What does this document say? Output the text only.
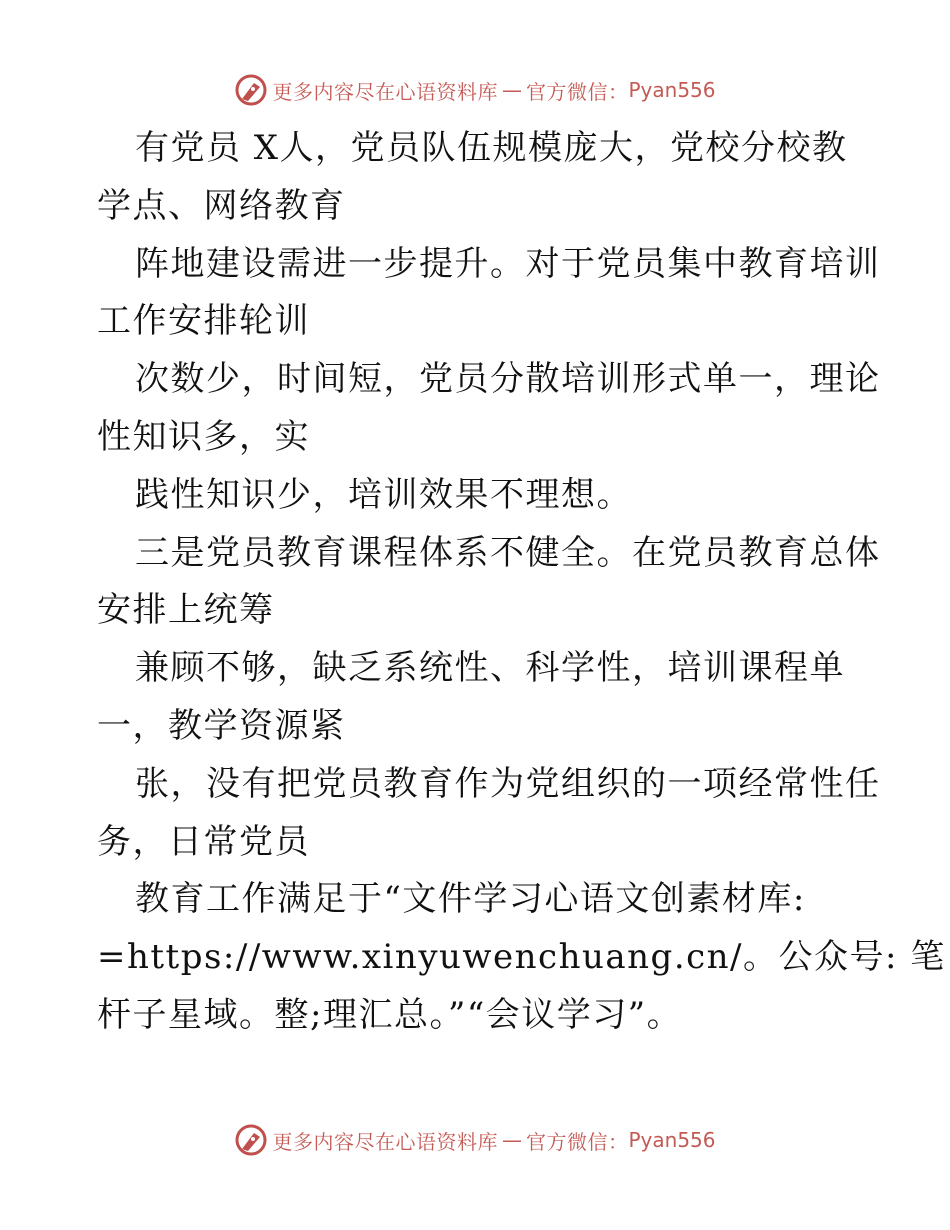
更多内容尽在心语资料库 — 官方微信： Pyan556
有党员 X人，党员队伍规模庞大，党校分校教
学点、网络教育
阵地建设需进一步提升。对于党员集中教育培训
工作安排轮训
次数少，时间短，党员分散培训形式单一，理论
性知识多，实
践性知识少，培训效果不理想。
三是党员教育课程体系不健全。在党员教育总体
安排上统筹
兼顾不够，缺乏系统性、科学性，培训课程单
一，教学资源紧
张，没有把党员教育作为党组织的一项经常性任
务，日常党员
教育工作满足于“文件学习心语文创素材库:
=https://www.xinyuwenchuang.cn/。公众号: 笔
杆子星域。整;理汇总。”“会议学习”。
更多内容尽在心语资料库 — 官方微信： Pyan556
